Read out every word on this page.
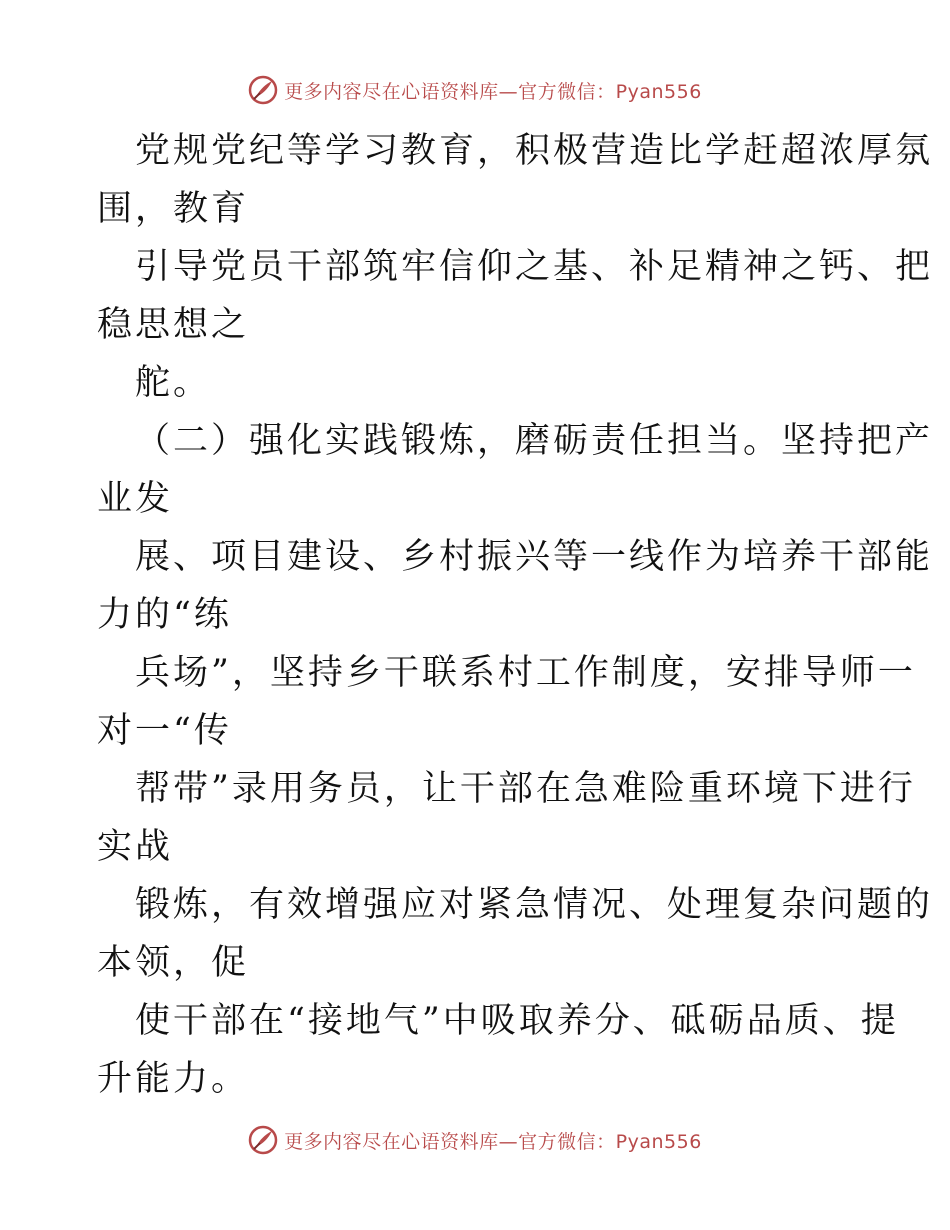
更多内容尽在心语资料库—官方微信：Pyan556
党规党纪等学习教育，积极营造比学赶超浓厚氛
围，教育
引导党员干部筑牢信仰之基、补足精神之钙、把
稳思想之
舵。
（二）强化实践锻炼，磨砺责任担当。坚持把产
业发
展、项目建设、乡村振兴等一线作为培养干部能
力的“练
兵场”，坚持乡干联系村工作制度，安排导师一
对一“传
帮带”录用务员，让干部在急难险重环境下进行
实战
锻炼，有效增强应对紧急情况、处理复杂问题的
本领，促
使干部在“接地气”中吸取养分、砥砺品质、提
升能力。
更多内容尽在心语资料库—官方微信：Pyan556
